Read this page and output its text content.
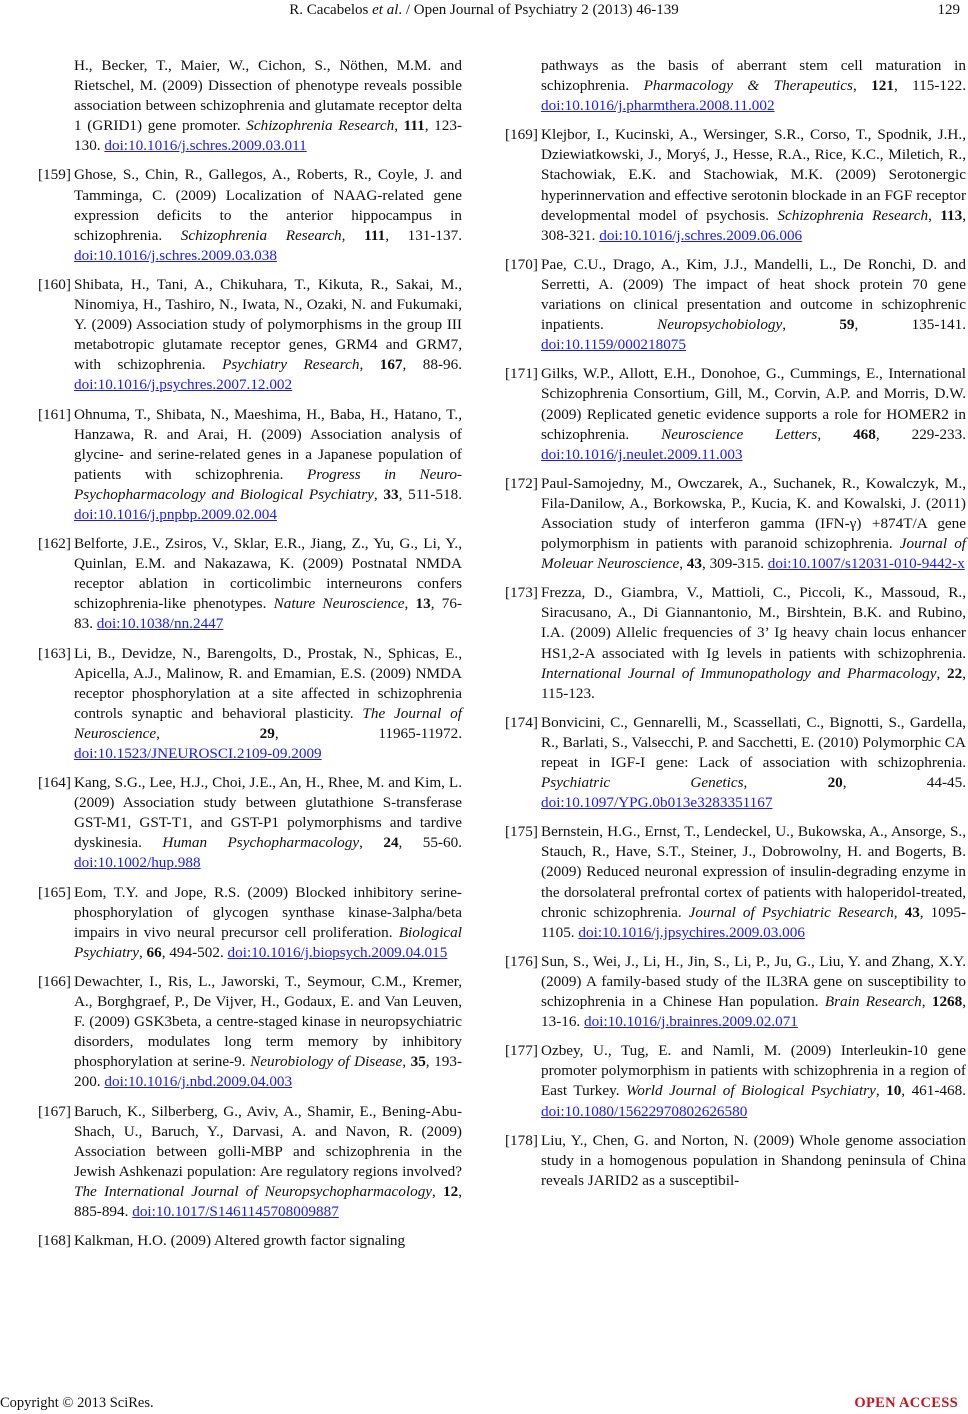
R. Cacabelos et al. / Open Journal of Psychiatry 2 (2013) 46-139	129
H., Becker, T., Maier, W., Cichon, S., Nöthen, M.M. and Rietschel, M. (2009) Dissection of phenotype reveals possible association between schizophrenia and glutamate receptor delta 1 (GRID1) gene promoter. Schizophrenia Research, 111, 123-130. doi:10.1016/j.schres.2009.03.011
[159] Ghose, S., Chin, R., Gallegos, A., Roberts, R., Coyle, J. and Tamminga, C. (2009) Localization of NAAG-related gene expression deficits to the anterior hippocampus in schizophrenia. Schizophrenia Research, 111, 131-137. doi:10.1016/j.schres.2009.03.038
[160] Shibata, H., Tani, A., Chikuhara, T., Kikuta, R., Sakai, M., Ninomiya, H., Tashiro, N., Iwata, N., Ozaki, N. and Fukumaki, Y. (2009) Association study of polymorphisms in the group III metabotropic glutamate receptor genes, GRM4 and GRM7, with schizophrenia. Psychiatry Research, 167, 88-96. doi:10.1016/j.psychres.2007.12.002
[161] Ohnuma, T., Shibata, N., Maeshima, H., Baba, H., Hatano, T., Hanzawa, R. and Arai, H. (2009) Association analysis of glycine- and serine-related genes in a Japanese population of patients with schizophrenia. Progress in Neuro-Psychopharmacology and Biological Psychiatry, 33, 511-518. doi:10.1016/j.pnpbp.2009.02.004
[162] Belforte, J.E., Zsiros, V., Sklar, E.R., Jiang, Z., Yu, G., Li, Y., Quinlan, E.M. and Nakazawa, K. (2009) Postnatal NMDA receptor ablation in corticolimbic interneurons confers schizophrenia-like phenotypes. Nature Neuroscience, 13, 76-83. doi:10.1038/nn.2447
[163] Li, B., Devidze, N., Barengolts, D., Prostak, N., Sphicas, E., Apicella, A.J., Malinow, R. and Emamian, E.S. (2009) NMDA receptor phosphorylation at a site affected in schizophrenia controls synaptic and behavioral plasticity. The Journal of Neuroscience, 29, 11965-11972. doi:10.1523/JNEUROSCI.2109-09.2009
[164] Kang, S.G., Lee, H.J., Choi, J.E., An, H., Rhee, M. and Kim, L. (2009) Association study between glutathione S-transferase GST-M1, GST-T1, and GST-P1 polymorphisms and tardive dyskinesia. Human Psychopharmacology, 24, 55-60. doi:10.1002/hup.988
[165] Eom, T.Y. and Jope, R.S. (2009) Blocked inhibitory serine-phosphorylation of glycogen synthase kinase-3alpha/beta impairs in vivo neural precursor cell proliferation. Biological Psychiatry, 66, 494-502. doi:10.1016/j.biopsych.2009.04.015
[166] Dewachter, I., Ris, L., Jaworski, T., Seymour, C.M., Kremer, A., Borghgraef, P., De Vijver, H., Godaux, E. and Van Leuven, F. (2009) GSK3beta, a centre-staged kinase in neuropsychiatric disorders, modulates long term memory by inhibitory phosphorylation at serine-9. Neurobiology of Disease, 35, 193-200. doi:10.1016/j.nbd.2009.04.003
[167] Baruch, K., Silberberg, G., Aviv, A., Shamir, E., Bening-Abu-Shach, U., Baruch, Y., Darvasi, A. and Navon, R. (2009) Association between golli-MBP and schizophrenia in the Jewish Ashkenazi population: Are regulatory regions involved? The International Journal of Neuropsychopharmacology, 12, 885-894. doi:10.1017/S1461145708009887
[168] Kalkman, H.O. (2009) Altered growth factor signaling
pathways as the basis of aberrant stem cell maturation in schizophrenia. Pharmacology & Therapeutics, 121, 115-122. doi:10.1016/j.pharmthera.2008.11.002
[169] Klejbor, I., Kucinski, A., Wersinger, S.R., Corso, T., Spodnik, J.H., Dziewiatkowski, J., Moryś, J., Hesse, R.A., Rice, K.C., Miletich, R., Stachowiak, E.K. and Stachowiak, M.K. (2009) Serotonergic hyperinnervation and effective serotonin blockade in an FGF receptor developmental model of psychosis. Schizophrenia Research, 113, 308-321. doi:10.1016/j.schres.2009.06.006
[170] Pae, C.U., Drago, A., Kim, J.J., Mandelli, L., De Ronchi, D. and Serretti, A. (2009) The impact of heat shock protein 70 gene variations on clinical presentation and outcome in schizophrenic inpatients. Neuropsychobiology, 59, 135-141. doi:10.1159/000218075
[171] Gilks, W.P., Allott, E.H., Donohoe, G., Cummings, E., International Schizophrenia Consortium, Gill, M., Corvin, A.P. and Morris, D.W. (2009) Replicated genetic evidence supports a role for HOMER2 in schizophrenia. Neuroscience Letters, 468, 229-233. doi:10.1016/j.neulet.2009.11.003
[172] Paul-Samojedny, M., Owczarek, A., Suchanek, R., Kowalczyk, M., Fila-Danilow, A., Borkowska, P., Kucia, K. and Kowalski, J. (2011) Association study of interferon gamma (IFN-γ) +874T/A gene polymorphism in patients with paranoid schizophrenia. Journal of Moleuar Neuroscience, 43, 309-315. doi:10.1007/s12031-010-9442-x
[173] Frezza, D., Giambra, V., Mattioli, C., Piccoli, K., Massoud, R., Siracusano, A., Di Giannantonio, M., Birshtein, B.K. and Rubino, I.A. (2009) Allelic frequencies of 3’ Ig heavy chain locus enhancer HS1,2-A associated with Ig levels in patients with schizophrenia. International Journal of Immunopathology and Pharmacology, 22, 115-123.
[174] Bonvicini, C., Gennarelli, M., Scassellati, C., Bignotti, S., Gardella, R., Barlati, S., Valsecchi, P. and Sacchetti, E. (2010) Polymorphic CA repeat in IGF-I gene: Lack of association with schizophrenia. Psychiatric Genetics, 20, 44-45. doi:10.1097/YPG.0b013e3283351167
[175] Bernstein, H.G., Ernst, T., Lendeckel, U., Bukowska, A., Ansorge, S., Stauch, R., Have, S.T., Steiner, J., Dobrowolny, H. and Bogerts, B. (2009) Reduced neuronal expression of insulin-degrading enzyme in the dorsolateral prefrontal cortex of patients with haloperidol-treated, chronic schizophrenia. Journal of Psychiatric Research, 43, 1095-1105. doi:10.1016/j.jpsychires.2009.03.006
[176] Sun, S., Wei, J., Li, H., Jin, S., Li, P., Ju, G., Liu, Y. and Zhang, X.Y. (2009) A family-based study of the IL3RA gene on susceptibility to schizophrenia in a Chinese Han population. Brain Research, 1268, 13-16. doi:10.1016/j.brainres.2009.02.071
[177] Ozbey, U., Tug, E. and Namli, M. (2009) Interleukin-10 gene promoter polymorphism in patients with schizophrenia in a region of East Turkey. World Journal of Biological Psychiatry, 10, 461-468. doi:10.1080/15622970802626580
[178] Liu, Y., Chen, G. and Norton, N. (2009) Whole genome association study in a homogenous population in Shandong peninsula of China reveals JARID2 as a susceptibil-
Copyright © 2013 SciRes.	OPEN ACCESS
